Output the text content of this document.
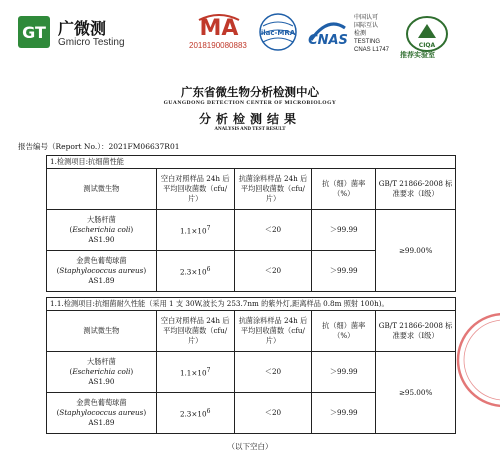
GT 广微测
Gmicro Testing
MA
2018190080883
ilac-MRA CNAS
中国认可
国际互认
检测
TESTING
CNAS L1747
CIQA
推荐实验室
广东省微生物分析检测中心
GUANGDONG DETECTION CENTER OF MICROBIOLOGY
分析检测结果
ANALYSIS AND TEST RESULT
报告编号（Report No.）：2021FM06637R01
1.检测项目:抗细菌性能				
测试微生物	空白对照样品 24h 后平均回收菌数（cfu/片）	抗菌涂料样品 24h 后平均回收菌数（cfu/片）	抗（细）菌率（%）	GB/T 21866-2008 标准要求（Ⅰ级）

大肠杆菌
(Escherichia coli)
AS1.90	$1.1\times 10^7$	＜20	＞99.99	≥99.00%

金黄色葡萄球菌
(Staphylococcus aureus)
AS1.89	$2.3\times 10^6$	＜20	＞99.99	
1.1.检测项目:抗细菌耐久性能（采用 1 支 30W,波长为 253.7nm 的紫外灯,距离样品 0.8m 照射 100h)。				
测试微生物	空白对照样品 24h 后平均回收菌数（cfu/片）	抗菌涂料样品 24h 后平均回收菌数（cfu/片）	抗（细）菌率（%）	GB/T 21866-2008 标准要求（Ⅰ级）

大肠杆菌
(Escherichia coli)
AS1.90	$1.1\times 10^7$	＜20	＞99.99	≥95.00%

金黄色葡萄球菌
(Staphylococcus aureus)
AS1.89	$2.3\times 10^6$	＜20	＞99.99	
（以下空白）
